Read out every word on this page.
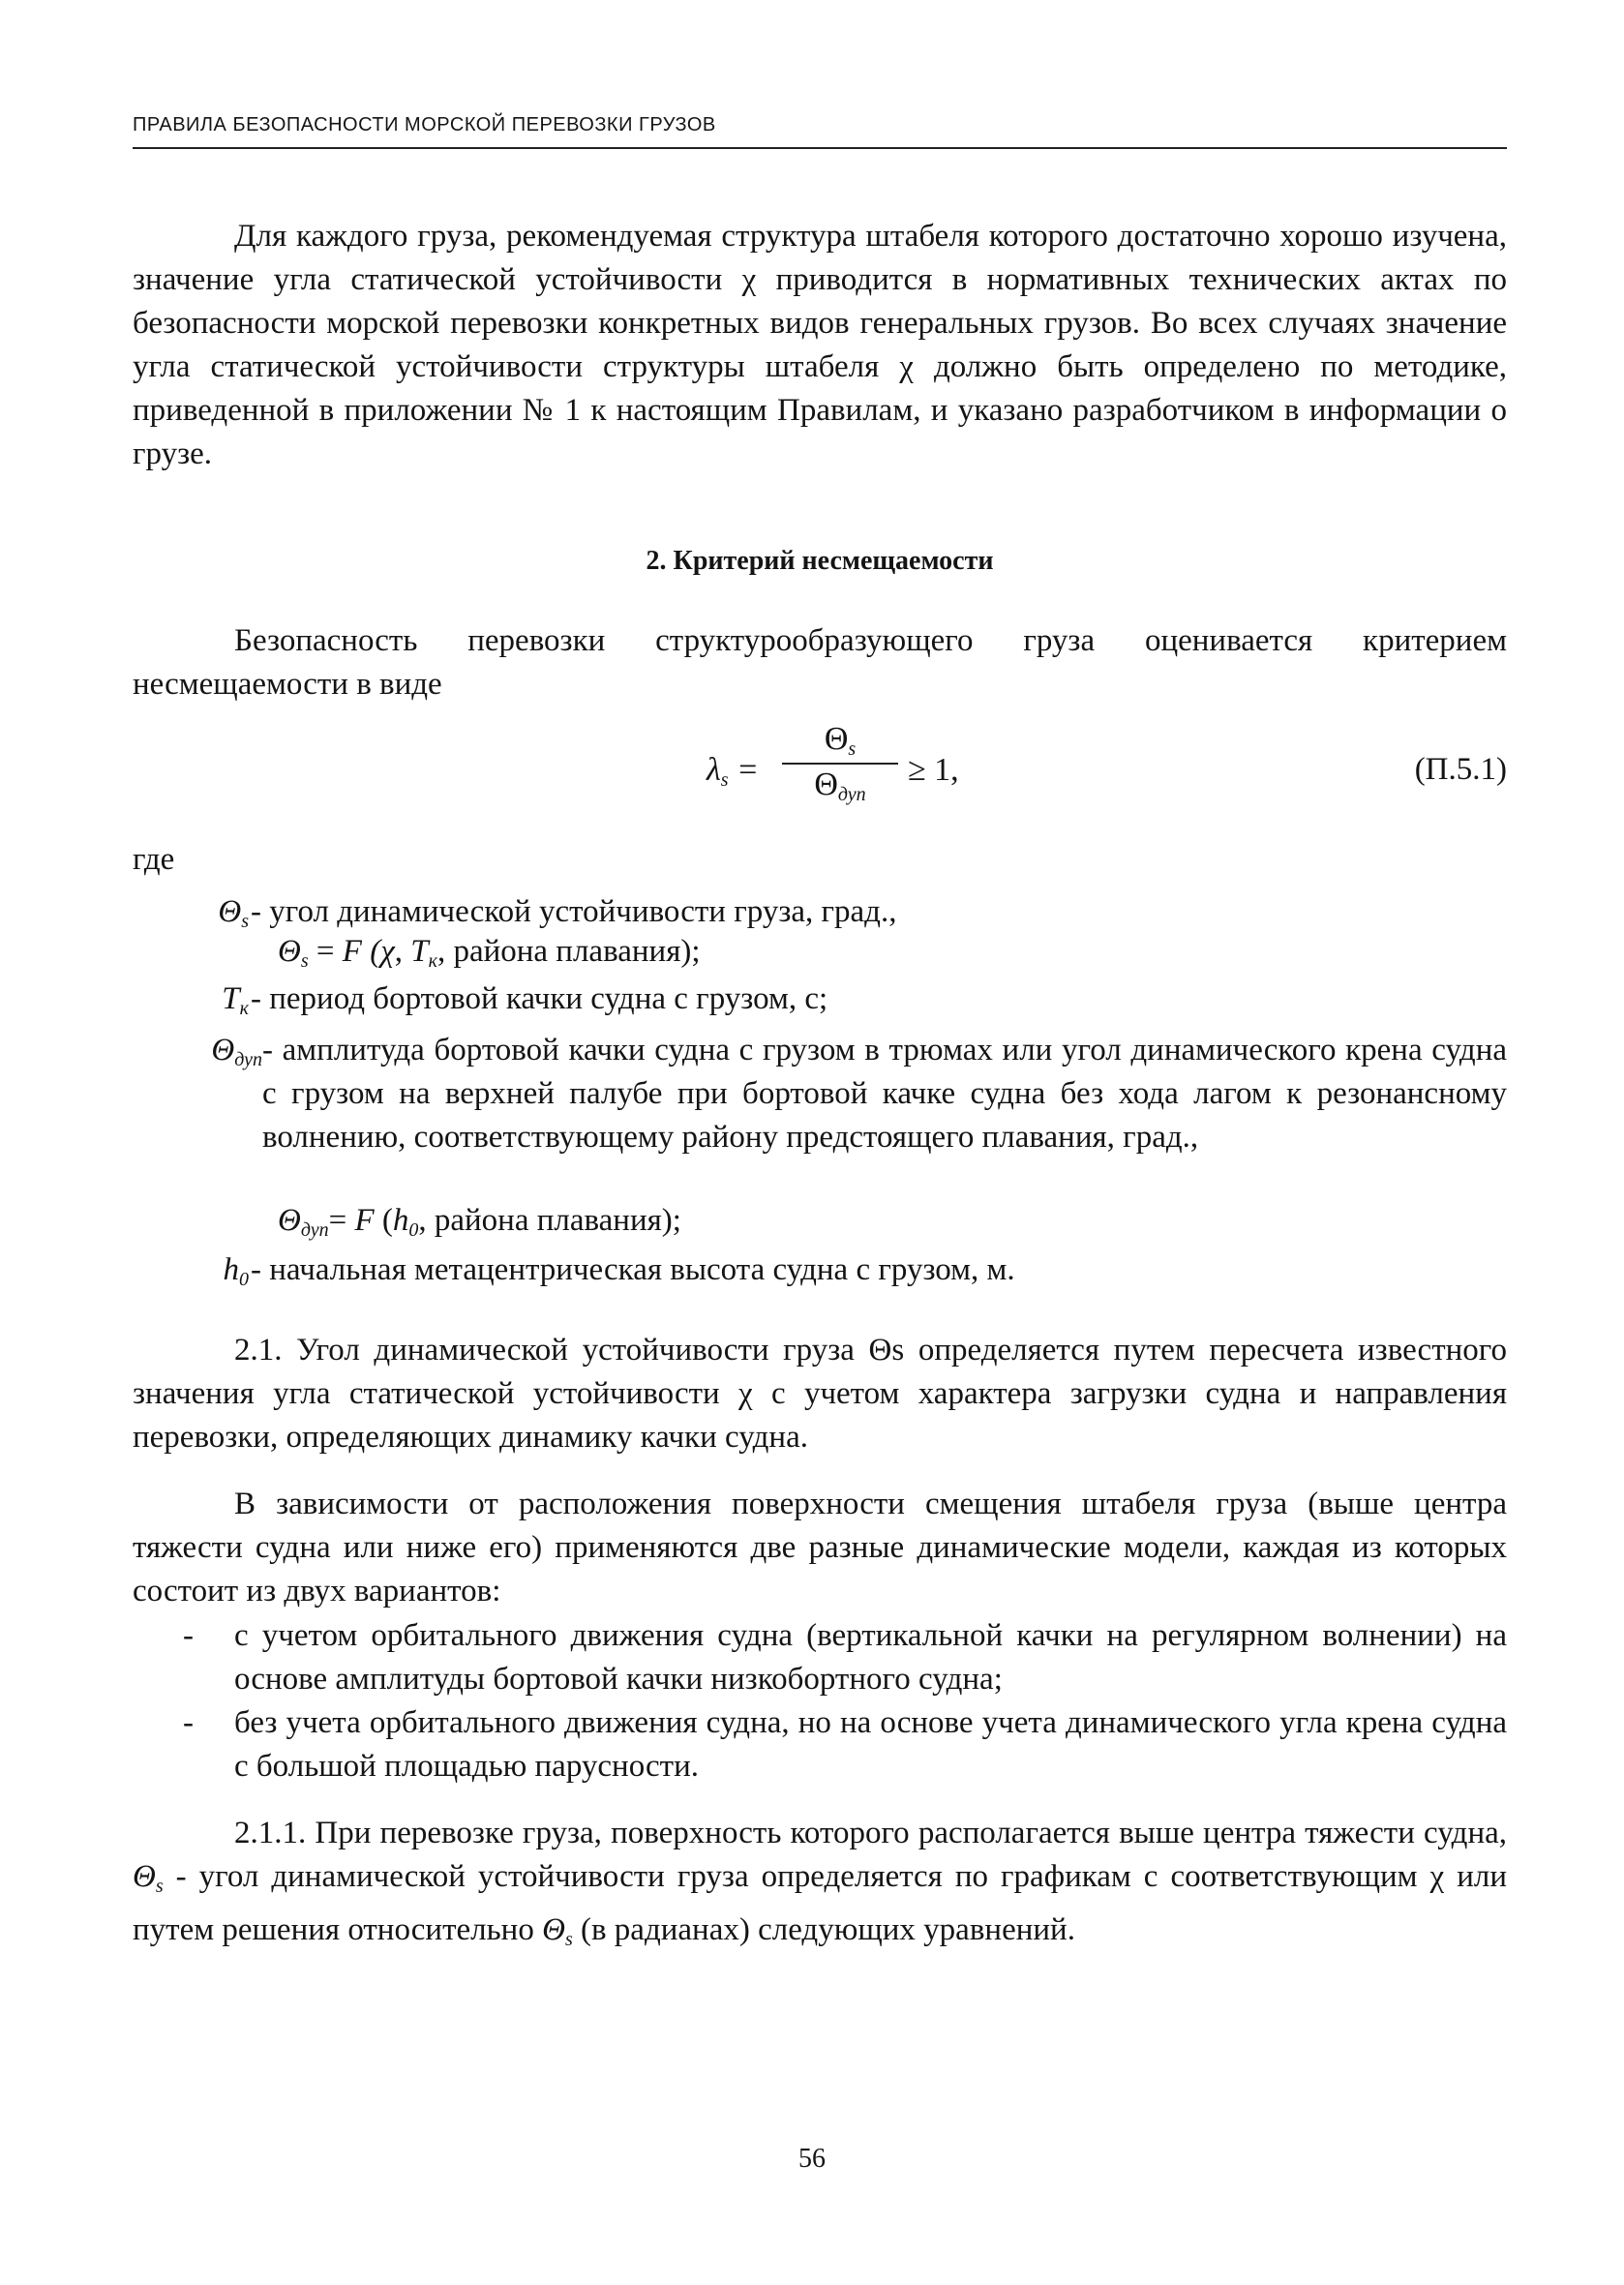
ПРАВИЛА БЕЗОПАСНОСТИ МОРСКОЙ ПЕРЕВОЗКИ ГРУЗОВ

Для каждого груза, рекомендуемая структура штабеля которого достаточно хорошо изучена, значение угла статической устойчивости χ приводится в нормативных технических актах по безопасности морской перевозки конкретных видов генеральных грузов. Во всех случаях значение угла статической устойчивости структуры штабеля χ должно быть определено по методике, приведенной в приложении № 1 к настоящим Правилам, и указано разработчиком в информации о грузе.

2. Критерий несмещаемости

Безопасность перевозки структурообразующего груза оценивается критерием несмещаемости в виде

$\lambda_s$ =
$\Theta_s$
$\Theta_{дуп}$
≥ 1,	(П.5.1)
где
$\Theta_s$ - угол динамической устойчивости груза, град.,
$\Theta_s = F$ (χ, $T_к$, района плавания);
$T_к$ - период бортовой качки судна с грузом, с;
$\Theta_{дуп}$ - амплитуда бортовой качки судна с грузом в трюмах или угол динамического крена судна с грузом на верхней палубе при бортовой качке судна без хода лагом к резонансному волнению, соответствующему району предстоящего плавания, град.,
$\Theta_{дуп}= F$ ($h_0$, района плавания);
$h_0$ - начальная метацентрическая высота судна с грузом, м.

2.1. Угол динамической устойчивости груза Θs определяется путем пересчета известного значения угла статической устойчивости χ с учетом характера загрузки судна и направления перевозки, определяющих динамику качки судна.

В зависимости от расположения поверхности смещения штабеля груза (выше центра тяжести судна или ниже его) применяются две разные динамические модели, каждая из которых состоит из двух вариантов:

- с учетом орбитального движения судна (вертикальной качки на регулярном волнении) на основе амплитуды бортовой качки низкобортного судна;
- без учета орбитального движения судна, но на основе учета динамического угла крена судна с большой площадью парусности.

2.1.1. При перевозке груза, поверхность которого располагается выше центра тяжести судна, $\Theta_s$ - угол динамической устойчивости груза определяется по графикам с соответствующим χ или путем решения относительно $\Theta_s$ (в радианах) следующих уравнений.

56
